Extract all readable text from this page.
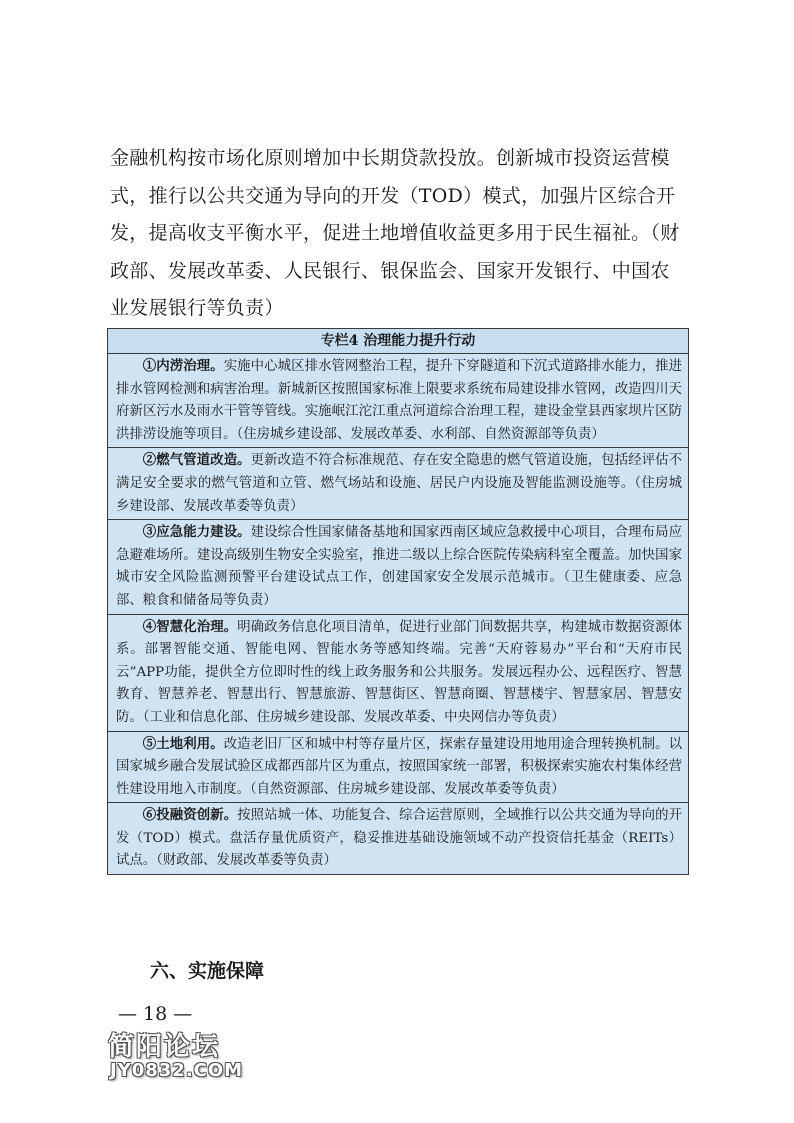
金融机构按市场化原则增加中长期贷款投放。创新城市投资运营模

式，推行以公共交通为导向的开发（TOD）模式，加强片区综合开

发，提高收支平衡水平，促进土地增值收益更多用于民生福祉。（财

政部、发展改革委、人民银行、银保监会、国家开发银行、中国农

业发展银行等负责）

专栏4 治理能力提升行动
①内涝治理。实施中心城区排水管网整治工程，提升下穿隧道和下沉式道路排水能力，推进排水管网检测和病害治理。新城新区按照国家标准上限要求系统布局建设排水管网，改造四川天府新区污水及雨水干管等管线。实施岷江沱江重点河道综合治理工程，建设金堂县西家坝片区防洪排涝设施等项目。（住房城乡建设部、发展改革委、水利部、自然资源部等负责）
②燃气管道改造。更新改造不符合标准规范、存在安全隐患的燃气管道设施，包括经评估不满足安全要求的燃气管道和立管、燃气场站和设施、居民户内设施及智能监测设施等。（住房城乡建设部、发展改革委等负责）
③应急能力建设。建设综合性国家储备基地和国家西南区域应急救援中心项目，合理布局应急避难场所。建设高级别生物安全实验室，推进二级以上综合医院传染病科室全覆盖。加快国家城市安全风险监测预警平台建设试点工作，创建国家安全发展示范城市。（卫生健康委、应急部、粮食和储备局等负责）
④智慧化治理。明确政务信息化项目清单，促进行业部门间数据共享，构建城市数据资源体系。部署智能交通、智能电网、智能水务等感知终端。完善“天府蓉易办”平台和“天府市民云”APP功能，提供全方位即时性的线上政务服务和公共服务。发展远程办公、远程医疗、智慧教育、智慧养老、智慧出行、智慧旅游、智慧街区、智慧商圈、智慧楼宇、智慧家居、智慧安防。（工业和信息化部、住房城乡建设部、发展改革委、中央网信办等负责）
⑤土地利用。改造老旧厂区和城中村等存量片区，探索存量建设用地用途合理转换机制。以国家城乡融合发展试验区成都西部片区为重点，按照国家统一部署，积极探索实施农村集体经营性建设用地入市制度。（自然资源部、住房城乡建设部、发展改革委等负责）
⑥投融资创新。按照站城一体、功能复合、综合运营原则，全域推行以公共交通为导向的开发（TOD）模式。盘活存量优质资产，稳妥推进基础设施领域不动产投资信托基金（REITs）试点。（财政部、发展改革委等负责）
六、实施保障
— 18 —
简阳论坛
JY0832.COM
